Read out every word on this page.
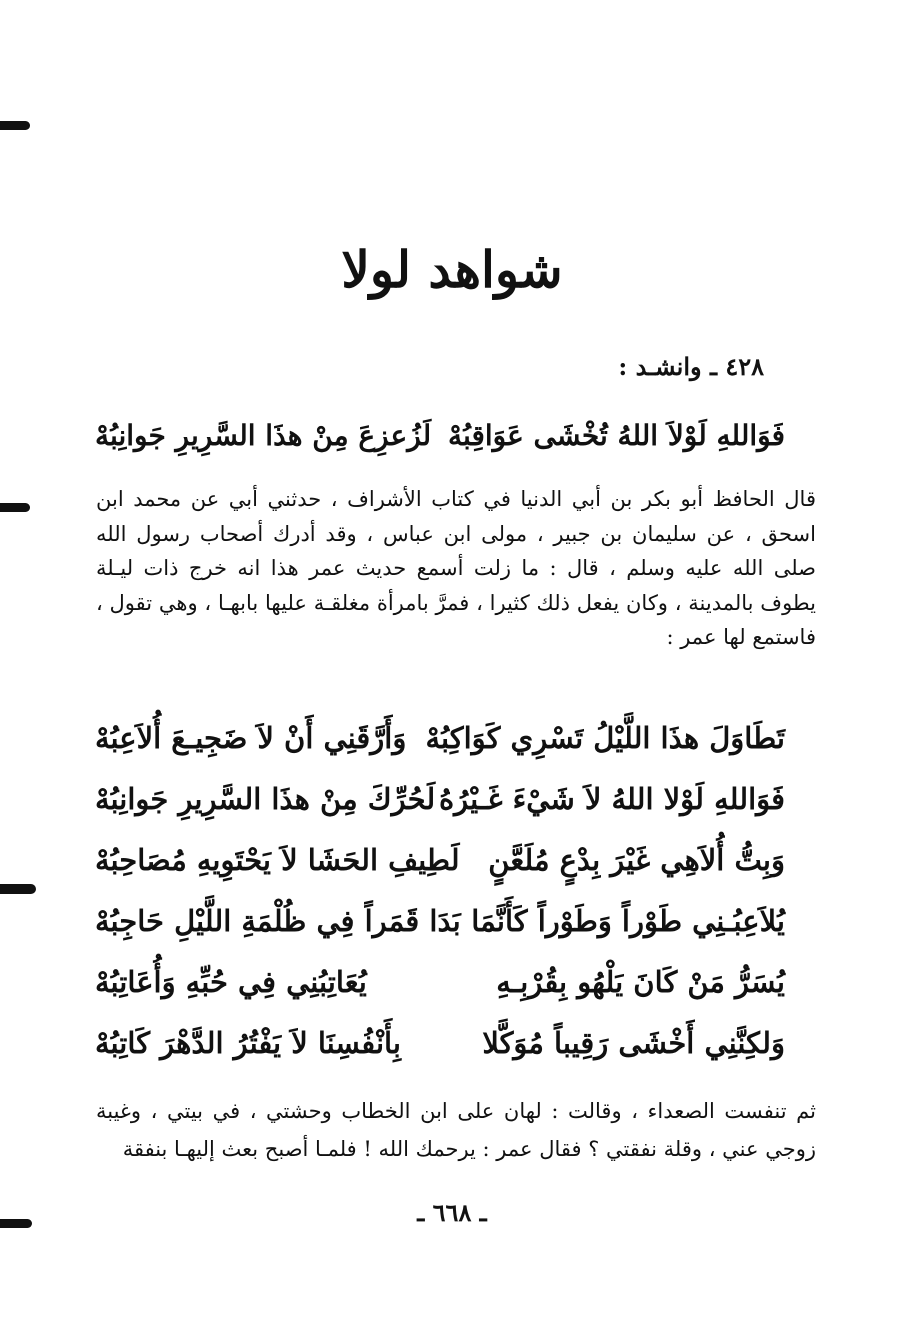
شواهد لولا
٤٢٨ ـ وانشـد :
فَوَاللهِ لَوْلاَ اللهُ تُخْشَى عَوَاقِبُهْ
لَزُعزِعَ مِنْ هذَا السَّرِيرِ جَوانِبُهْ

قال الحافظ أبو بكر بن أبي الدنيا في كتاب الأشراف ، حدثني أبي عن محمد ابن اسحق ، عن سليمان بن جبير ، مولى ابن عباس ، وقد أدرك أصحاب رسول الله صلى الله عليه وسلم ، قال : ما زلت أسمع حديث عمر هذا انه خرج ذات ليـلة يطوف بالمدينة ، وكان يفعل ذلك كثيرا ، فمرَّ بامرأة مغلقـة عليها بابهـا ، وهي تقول ، فاستمع لها عمر :

تَطَاوَلَ هذَا اللَّيْلُ تَسْرِي كَوَاكِبُهْ
وَأَرَّقَنِي أَنْ لاَ ضَجِيـعَ أُلاَعِبُهْ
فَوَاللهِ لَوْلا اللهُ لاَ شَيْءَ غَـيْرُهُ
لَحُرِّكَ مِنْ هذَا السَّرِيرِ جَوانِبُهْ
وَبِتُّ أُلاَهِي غَيْرَ بِدْعٍ مُلَعَّنٍ
لَطِيفِ الحَشَا لاَ يَحْتَوِيهِ مُصَاحِبُهْ
يُلاَعِبُـنِي طَوْراً وَطَوْراً كَأَنَّمَا
بَدَا قَمَراً فِي ظُلْمَةِ اللَّيْلِ حَاجِبُهْ
يُسَرُّ مَنْ كَانَ يَلْهُو بِقُرْبِـهِ
يُعَاتِبُنِي فِي حُبِّهِ وَأُعَاتِبُهْ
وَلكِنَّنِي أَخْشَى رَقِيباً مُوَكَّلا
بِأَنْفُسِنَا لاَ يَفْتُرُ الدَّهْرَ كَاتِبُهْ

ثم تنفست الصعداء ، وقالت : لهان على ابن الخطاب وحشتي ، في بيتي ، وغيبة زوجي عني ، وقلة نفقتي ؟ فقال عمر : يرحمك الله ! فلمـا أصبح بعث إليهـا بنفقة

ـ ٦٦٨ ـ
